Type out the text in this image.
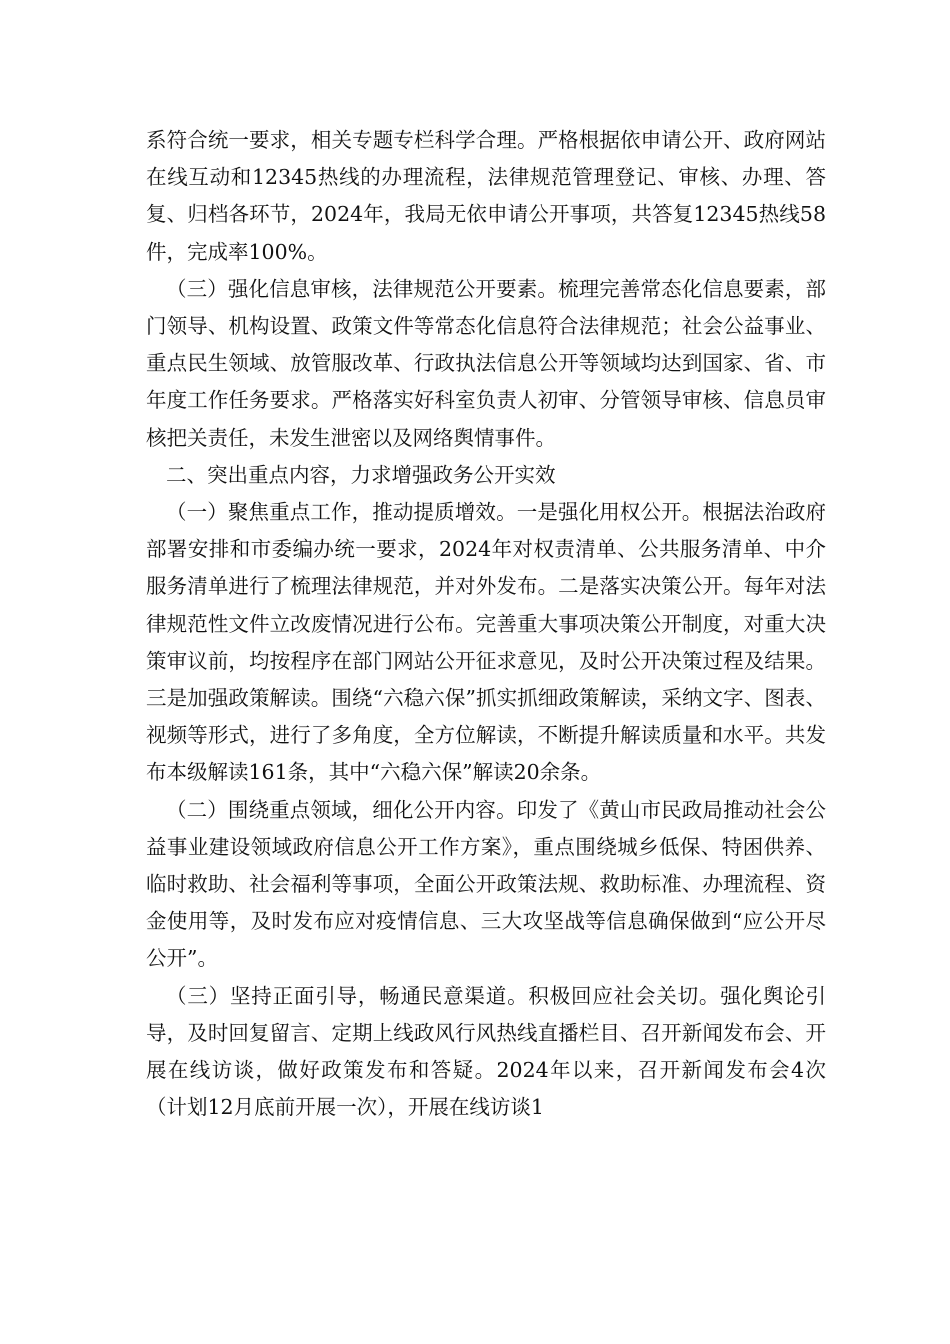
系符合统一要求，相关专题专栏科学合理。严格根据依申请公开、政府网站在线互动和12345热线的办理流程，法律规范管理登记、审核、办理、答复、归档各环节，2024年，我局无依申请公开事项，共答复12345热线58件，完成率100%。

（三）强化信息审核，法律规范公开要素。梳理完善常态化信息要素，部门领导、机构设置、政策文件等常态化信息符合法律规范；社会公益事业、重点民生领域、放管服改革、行政执法信息公开等领域均达到国家、省、市年度工作任务要求。严格落实好科室负责人初审、分管领导审核、信息员审核把关责任，未发生泄密以及网络舆情事件。

二、突出重点内容，力求增强政务公开实效

（一）聚焦重点工作，推动提质增效。一是强化用权公开。根据法治政府部署安排和市委编办统一要求，2024年对权责清单、公共服务清单、中介服务清单进行了梳理法律规范，并对外发布。二是落实决策公开。每年对法律规范性文件立改废情况进行公布。完善重大事项决策公开制度，对重大决策审议前，均按程序在部门网站公开征求意见，及时公开决策过程及结果。三是加强政策解读。围绕“六稳六保”抓实抓细政策解读，采纳文字、图表、视频等形式，进行了多角度，全方位解读，不断提升解读质量和水平。共发布本级解读161条，其中“六稳六保”解读20余条。

（二）围绕重点领域，细化公开内容。印发了《黄山市民政局推动社会公益事业建设领域政府信息公开工作方案》，重点围绕城乡低保、特困供养、临时救助、社会福利等事项，全面公开政策法规、救助标准、办理流程、资金使用等，及时发布应对疫情信息、三大攻坚战等信息确保做到“应公开尽公开”。

（三）坚持正面引导，畅通民意渠道。积极回应社会关切。强化舆论引导，及时回复留言、定期上线政风行风热线直播栏目、召开新闻发布会、开展在线访谈，做好政策发布和答疑。2024年以来，召开新闻发布会4次（计划12月底前开展一次），开展在线访谈1
